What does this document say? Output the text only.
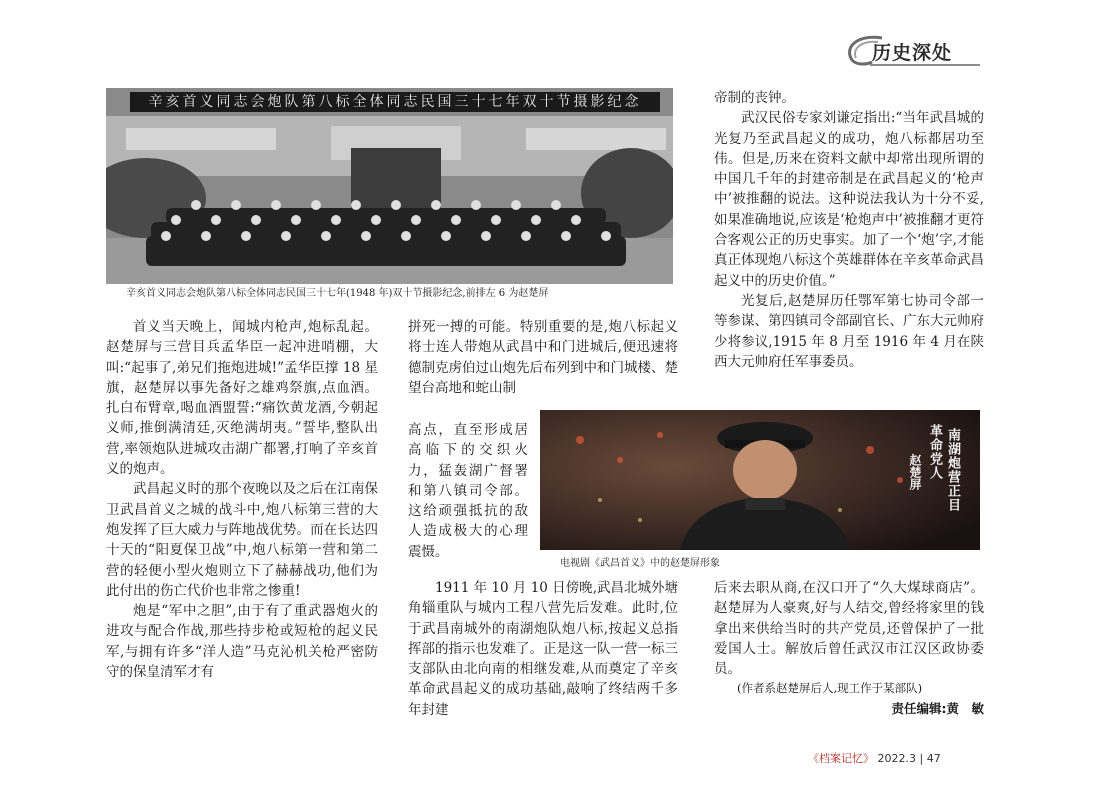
历史深处
辛亥首义同志会炮队第八标全体同志民国三十七年双十节摄影纪念
辛亥首义同志会炮队第八标全体同志民国三十七年(1948 年)双十节摄影纪念,前排左 6 为赵楚屏

首义当天晚上，闻城内枪声,炮标乱起。赵楚屏与三营目兵孟华臣一起冲进哨棚，大叫:“起事了,弟兄们拖炮进城!”孟华臣撑 18 星旗，赵楚屏以事先备好之雄鸡祭旗,点血酒。扎白布臂章,喝血酒盟誓:“痛饮黄龙酒,今朝起义师,推倒满清廷,灭绝满胡夷。”誓毕,整队出营,率领炮队进城攻击湖广都署,打响了辛亥首义的炮声。

武昌起义时的那个夜晚以及之后在江南保卫武昌首义之城的战斗中,炮八标第三营的大炮发挥了巨大威力与阵地战优势。而在长达四十天的“阳夏保卫战”中,炮八标第一营和第二营的轻便小型火炮则立下了赫赫战功,他们为此付出的伤亡代价也非常之惨重!

炮是“军中之胆”,由于有了重武器炮火的进攻与配合作战,那些持步枪或短枪的起义民军,与拥有许多“洋人造”马克沁机关枪严密防守的保皇清军才有

拼死一搏的可能。特别重要的是,炮八标起义将士连人带炮从武昌中和门进城后,便迅速将德制克虏伯过山炮先后布列到中和门城楼、楚望台高地和蛇山制

高点，直至形成居高临下的交织火力，猛轰湖广督署和第八镇司令部。这给顽强抵抗的敌人造成极大的心理震慑。

革命党人 南湖炮营正目
赵楚屏
电视剧《武昌首义》中的赵楚屏形象

1911 年 10 月 10 日傍晚,武昌北城外塘角辎重队与城内工程八营先后发难。此时,位于武昌南城外的南湖炮队炮八标,按起义总指挥部的指示也发难了。正是这一队一营一标三支部队由北向南的相继发难,从而奠定了辛亥革命武昌起义的成功基础,敲响了终结两千多年封建

帝制的丧钟。

武汉民俗专家刘谦定指出:“当年武昌城的光复乃至武昌起义的成功，炮八标都居功至伟。但是,历来在资料文献中却常出现所谓的中国几千年的封建帝制是在武昌起义的‘枪声中’被推翻的说法。这种说法我认为十分不妥,如果准确地说,应该是‘枪炮声中’被推翻才更符合客观公正的历史事实。加了一个‘炮’字,才能真正体现炮八标这个英雄群体在辛亥革命武昌起义中的历史价值。”

光复后,赵楚屏历任鄂军第七协司令部一等参谋、第四镇司令部副官长、广东大元帅府少将参议,1915 年 8 月至 1916 年 4 月在陕西大元帅府任军事委员。

后来去职从商,在汉口开了“久大煤球商店”。赵楚屏为人豪爽,好与人结交,曾经将家里的钱拿出来供给当时的共产党员,还曾保护了一批爱国人士。解放后曾任武汉市江汉区政协委员。

(作者系赵楚屏后人,现工作于某部队)

责任编辑:黄　敏

《档案记忆》 2022.3 | 47
